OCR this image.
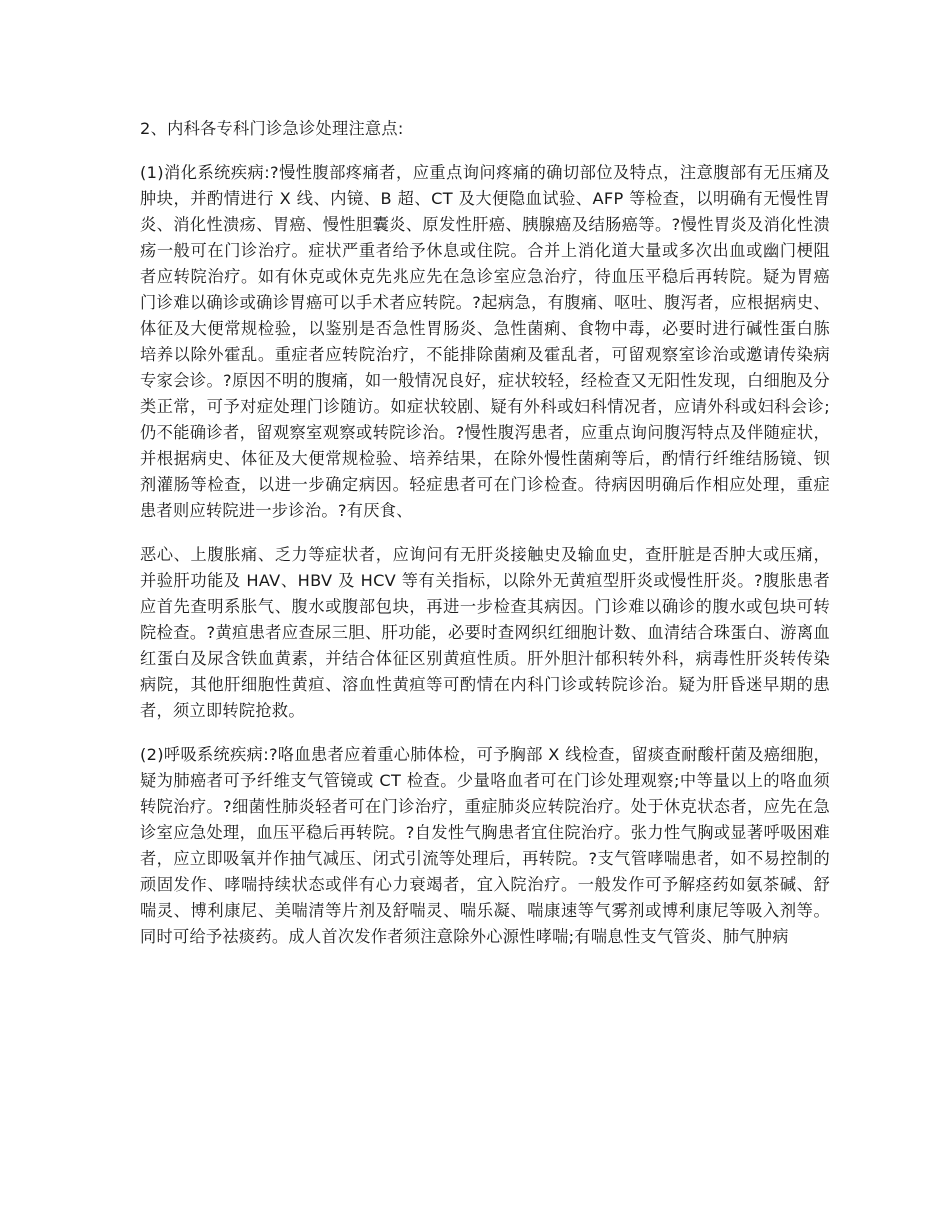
2、内科各专科门诊急诊处理注意点:
(1)消化系统疾病:?慢性腹部疼痛者，应重点询问疼痛的确切部位及特点，注意腹部有无压痛及肿块，并酌情进行 X 线、内镜、B 超、CT 及大便隐血试验、AFP 等检查，以明确有无慢性胃炎、消化性溃疡、胃癌、慢性胆囊炎、原发性肝癌、胰腺癌及结肠癌等。?慢性胃炎及消化性溃疡一般可在门诊治疗。症状严重者给予休息或住院。合并上消化道大量或多次出血或幽门梗阻者应转院治疗。如有休克或休克先兆应先在急诊室应急治疗，待血压平稳后再转院。疑为胃癌门诊难以确诊或确诊胃癌可以手术者应转院。?起病急，有腹痛、呕吐、腹泻者，应根据病史、体征及大便常规检验，以鉴别是否急性胃肠炎、急性菌痢、食物中毒，必要时进行碱性蛋白胨培养以除外霍乱。重症者应转院治疗，不能排除菌痢及霍乱者，可留观察室诊治或邀请传染病专家会诊。?原因不明的腹痛，如一般情况良好，症状较轻，经检查又无阳性发现，白细胞及分类正常，可予对症处理门诊随访。如症状较剧、疑有外科或妇科情况者，应请外科或妇科会诊;仍不能确诊者，留观察室观察或转院诊治。?慢性腹泻患者，应重点询问腹泻特点及伴随症状，并根据病史、体征及大便常规检验、培养结果，在除外慢性菌痢等后，酌情行纤维结肠镜、钡剂灌肠等检查，以进一步确定病因。轻症患者可在门诊检查。待病因明确后作相应处理，重症患者则应转院进一步诊治。?有厌食、
恶心、上腹胀痛、乏力等症状者，应询问有无肝炎接触史及输血史，查肝脏是否肿大或压痛，并验肝功能及 HAV、HBV 及 HCV 等有关指标，以除外无黄疸型肝炎或慢性肝炎。?腹胀患者应首先查明系胀气、腹水或腹部包块，再进一步检查其病因。门诊难以确诊的腹水或包块可转院检查。?黄疸患者应查尿三胆、肝功能，必要时查网织红细胞计数、血清结合珠蛋白、游离血红蛋白及尿含铁血黄素，并结合体征区别黄疸性质。肝外胆汁郁积转外科，病毒性肝炎转传染病院，其他肝细胞性黄疸、溶血性黄疸等可酌情在内科门诊或转院诊治。疑为肝昏迷早期的患者，须立即转院抢救。
(2)呼吸系统疾病:?咯血患者应着重心肺体检，可予胸部 X 线检查，留痰查耐酸杆菌及癌细胞，疑为肺癌者可予纤维支气管镜或 CT 检查。少量咯血者可在门诊处理观察;中等量以上的咯血须转院治疗。?细菌性肺炎轻者可在门诊治疗，重症肺炎应转院治疗。处于休克状态者，应先在急诊室应急处理，血压平稳后再转院。?自发性气胸患者宜住院治疗。张力性气胸或显著呼吸困难者，应立即吸氧并作抽气减压、闭式引流等处理后，再转院。?支气管哮喘患者，如不易控制的顽固发作、哮喘持续状态或伴有心力衰竭者，宜入院治疗。一般发作可予解痉药如氨茶碱、舒喘灵、博利康尼、美喘清等片剂及舒喘灵、喘乐凝、喘康速等气雾剂或博利康尼等吸入剂等。同时可给予祛痰药。成人首次发作者须注意除外心源性哮喘;有喘息性支气管炎、肺气肿病
